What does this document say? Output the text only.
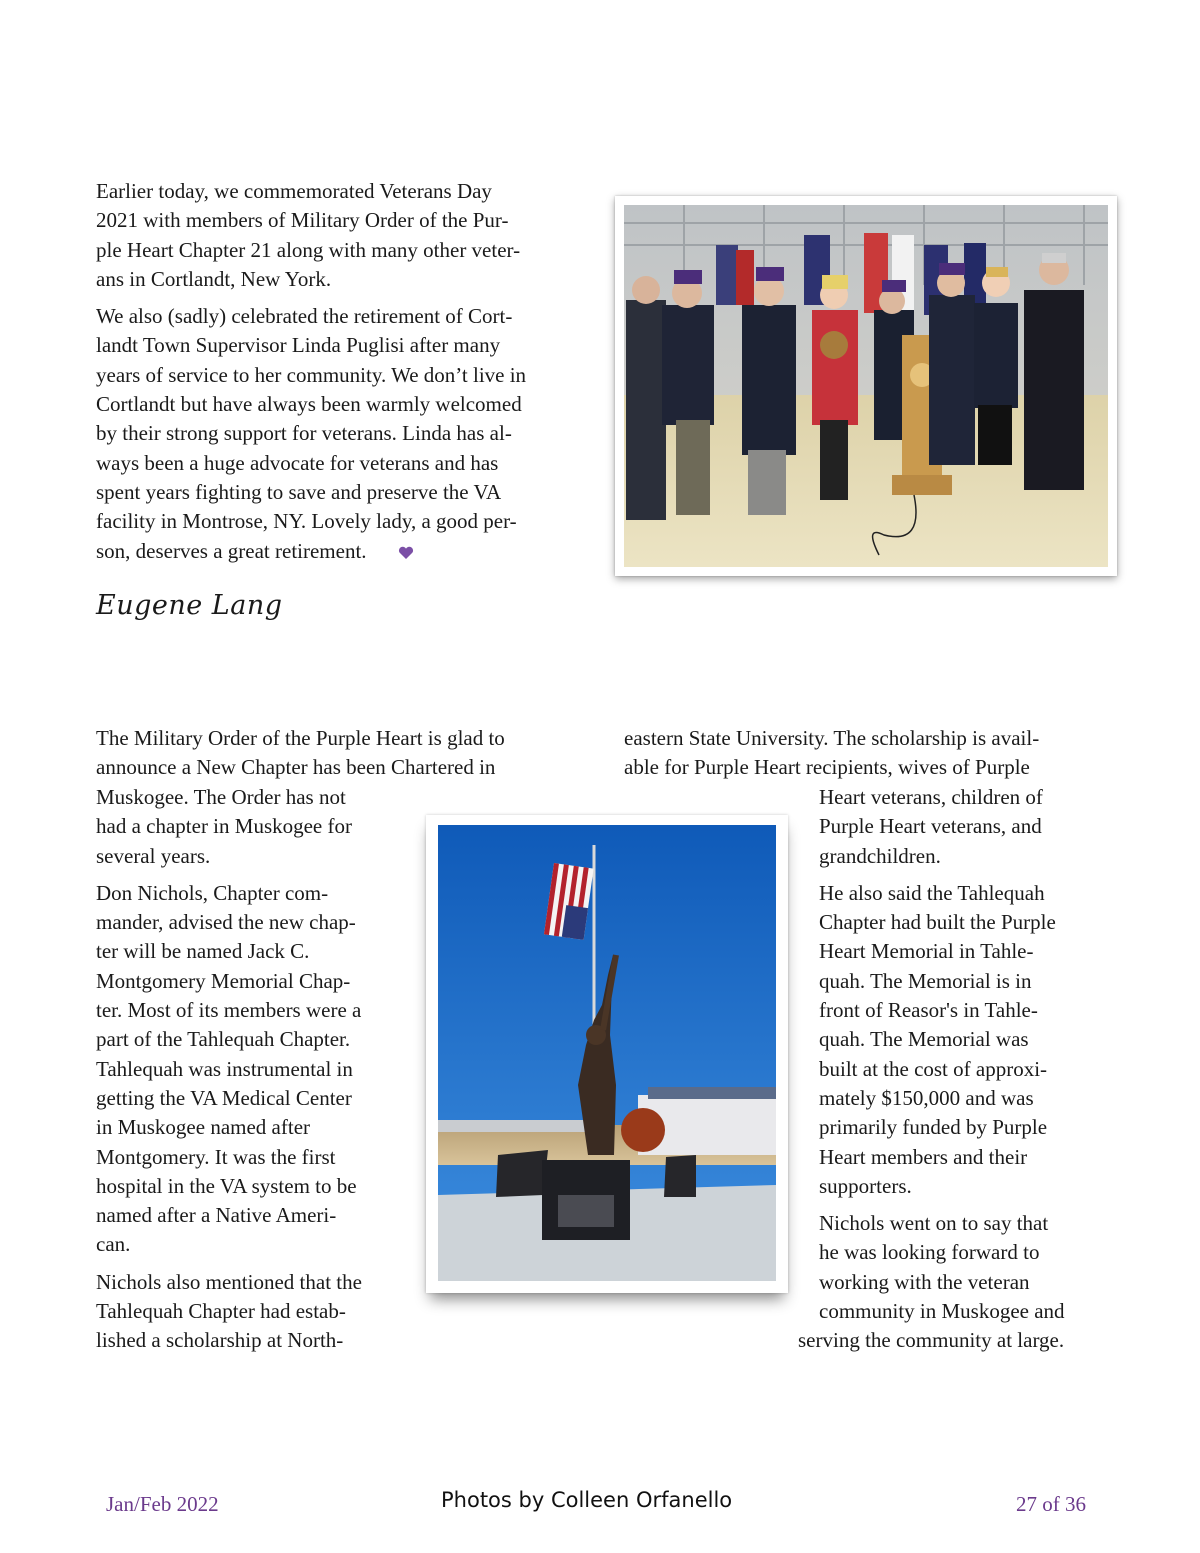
Earlier today, we commemorated Veterans Day
2021 with members of Military Order of the Pur-
ple Heart Chapter 21 along with many other veter-
ans in Cortlandt, New York.
We also (sadly) celebrated the retirement of Cort-
landt Town Supervisor Linda Puglisi after many
years of service to her community. We don’t live in
Cortlandt but have always been warmly welcomed
by their strong support for veterans. Linda has al-
ways been a huge advocate for veterans and has
spent years fighting to save and preserve the VA
facility in Montrose, NY. Lovely lady, a good per-
son, deserves a great retirement.
Eugene Lang
The Military Order of the Purple Heart is glad to
announce a New Chapter has been Chartered in
Muskogee. The Order has not
had a chapter in Muskogee for
several years.
Don Nichols, Chapter com-
mander, advised the new chap-
ter will be named Jack C.
Montgomery Memorial Chap-
ter. Most of its members were a
part of the Tahlequah Chapter.
Tahlequah was instrumental in
getting the VA Medical Center
in Muskogee named after
Montgomery. It was the first
hospital in the VA system to be
named after a Native Ameri-
can.
Nichols also mentioned that the
Tahlequah Chapter had estab-
lished a scholarship at North-
eastern State University. The scholarship is avail-
able for Purple Heart recipients, wives of Purple
Heart veterans, children of
Purple Heart veterans, and
grandchildren.
He also said the Tahlequah
Chapter had built the Purple
Heart Memorial in Tahle-
quah. The Memorial is in
front of Reasor's in Tahle-
quah. The Memorial was
built at the cost of approxi-
mately $150,000 and was
primarily funded by Purple
Heart members and their
supporters.
Nichols went on to say that
he was looking forward to
working with the veteran
community in Muskogee and
serving the community at large.
Jan/Feb 2022	Photos by Colleen Orfanello	27 of 36
